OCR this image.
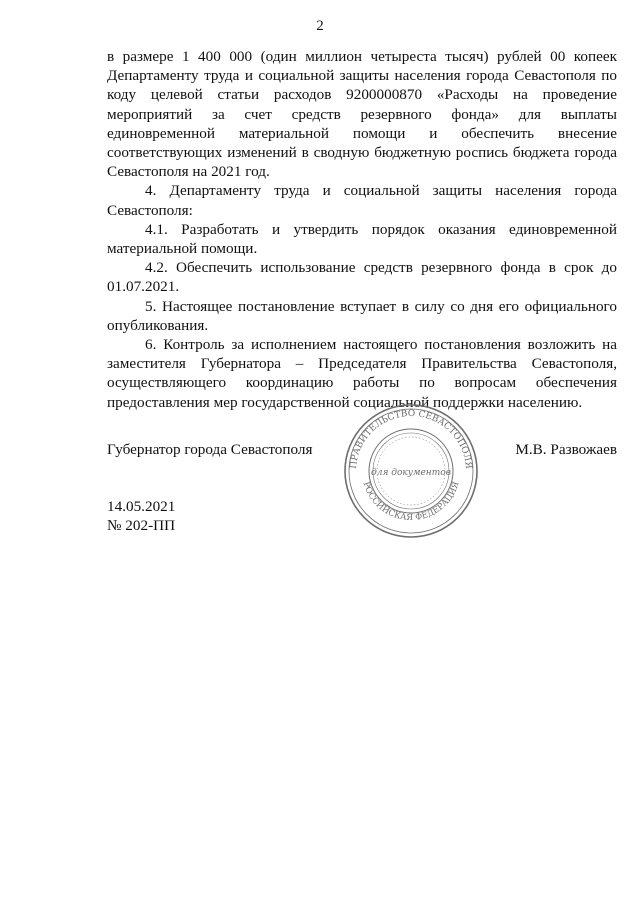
2

в размере 1 400 000 (один миллион четыреста тысяч) рублей 00 копеек Департаменту труда и социальной защиты населения города Севастополя по коду целевой статьи расходов 9200000870 «Расходы на проведение мероприятий за счет средств резервного фонда» для выплаты единовременной материальной помощи и обеспечить внесение соответствующих изменений в сводную бюджетную роспись бюджета города Севастополя на 2021 год.

4. Департаменту труда и социальной защиты населения города Севастополя:

4.1. Разработать и утвердить порядок оказания единовременной материальной помощи.

4.2. Обеспечить использование средств резервного фонда в срок до 01.07.2021.

5. Настоящее постановление вступает в силу со дня его официального опубликования.

6. Контроль за исполнением настоящего постановления возложить на заместителя Губернатора – Председателя Правительства Севастополя, осуществляющего координацию работы по вопросам обеспечения предоставления мер государственной социальной поддержки населению.

Губернатор города Севастополя	М.В. Развожаев
ПРАВИТЕЛЬСТВО СЕВАСТОПОЛЯ
РОССИЙСКАЯ ФЕДЕРАЦИЯ
для документов
14.05.2021
№ 202-ПП
